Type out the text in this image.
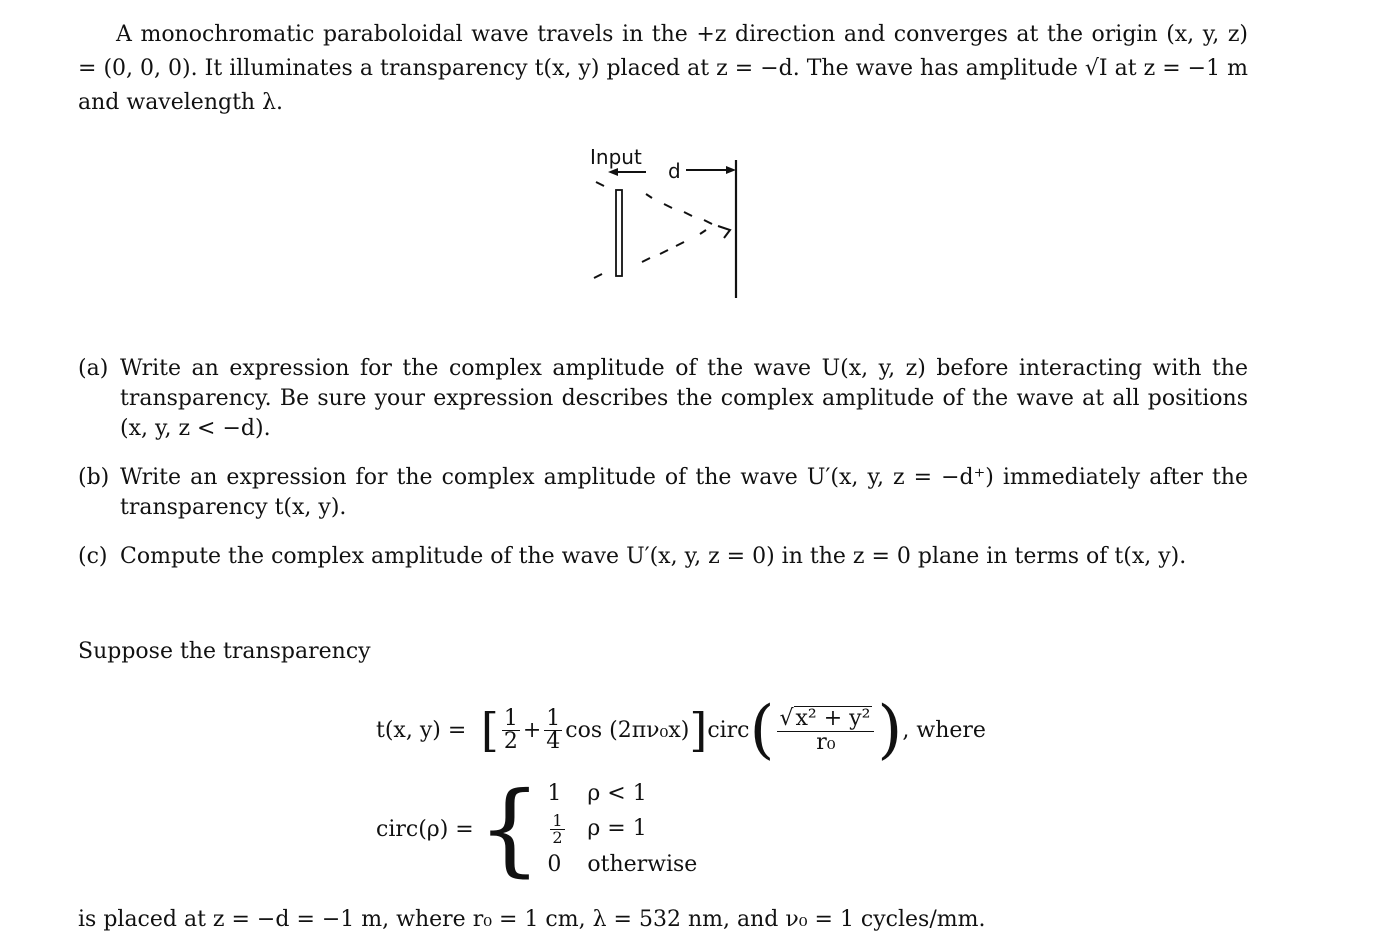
A monochromatic paraboloidal wave travels in the +z direction and converges at the origin (x, y, z) = (0, 0, 0). It illuminates a transparency t(x, y) placed at z = −d. The wave has amplitude √I at z = −1 m and wavelength λ.
Input
d
(a) Write an expression for the complex amplitude of the wave U(x, y, z) before interacting with the transparency. Be sure your expression describes the complex amplitude of the wave at all positions (x, y, z < −d).
(b) Write an expression for the complex amplitude of the wave U′(x, y, z = −d⁺) immediately after the transparency t(x, y).
(c) Compute the complex amplitude of the wave U′(x, y, z = 0) in the z = 0 plane in terms of t(x, y).
Suppose the transparency
t(x, y) = [ $\frac{1}{2} + \frac{1}{4}$ cos (2πν₀x) ] circ ( $\frac{\text{√x² + y²}}{\text{r₀}}$ ) , where
circ(ρ) = { 1	ρ < 1
$\frac{1}{2}$ ρ = 1
0	otherwise
is placed at z = −d = −1 m, where r₀ = 1 cm, λ = 532 nm, and ν₀ = 1 cycles/mm.
